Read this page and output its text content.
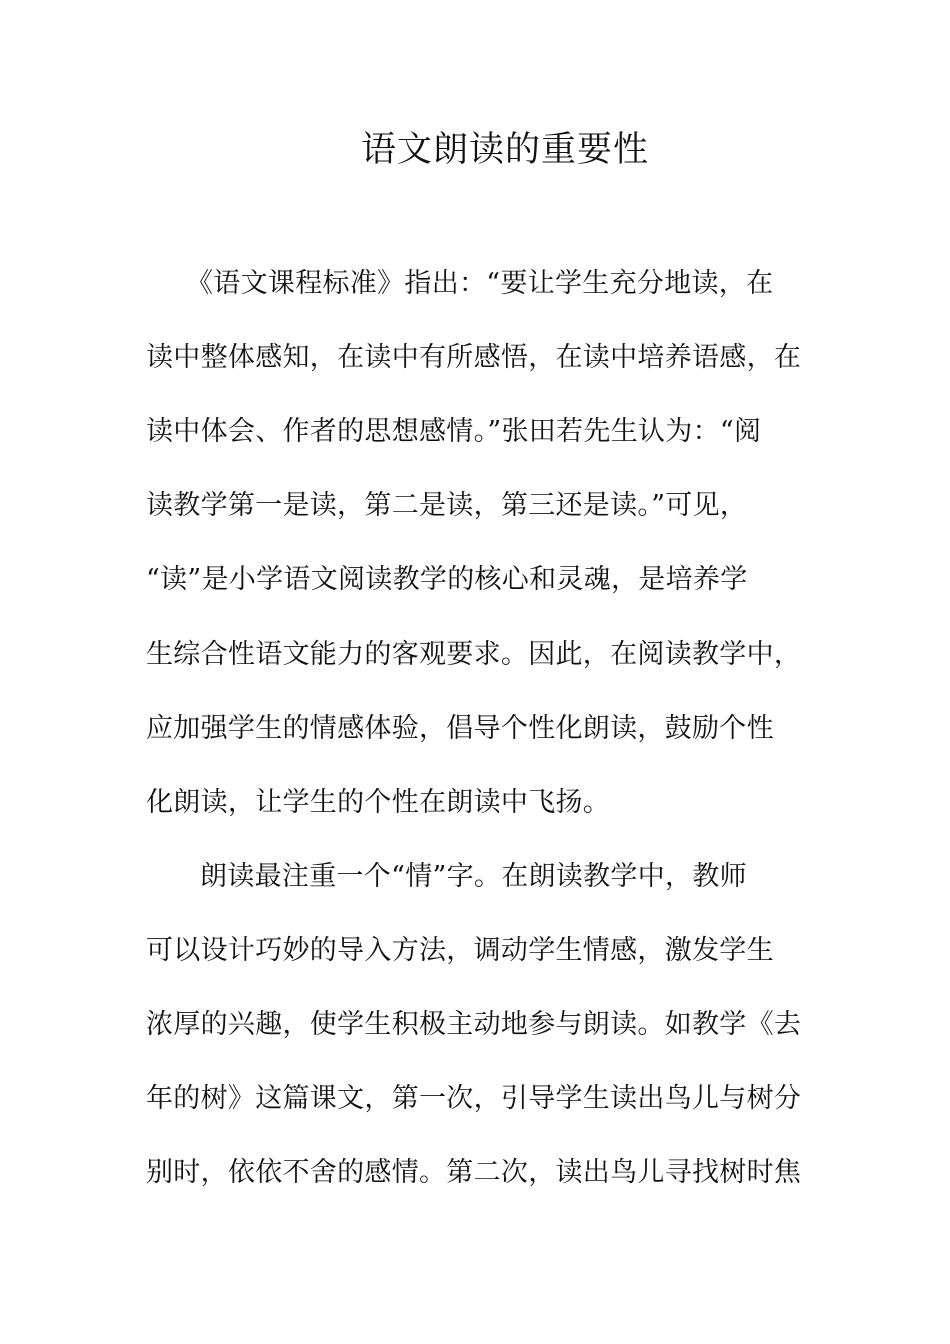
语文朗读的重要性
《语文课程标准》指出：“要让学生充分地读，在
读中整体感知，在读中有所感悟，在读中培养语感，在
读中体会、作者的思想感情。”张田若先生认为：“阅
读教学第一是读，第二是读，第三还是读。”可见，
“读”是小学语文阅读教学的核心和灵魂，是培养学
生综合性语文能力的客观要求。因此，在阅读教学中，
应加强学生的情感体验，倡导个性化朗读，鼓励个性
化朗读，让学生的个性在朗读中飞扬。
朗读最注重一个“情”字。在朗读教学中，教师
可以设计巧妙的导入方法，调动学生情感，激发学生
浓厚的兴趣，使学生积极主动地参与朗读。如教学《去
年的树》这篇课文，第一次，引导学生读出鸟儿与树分
别时，依依不舍的感情。第二次，读出鸟儿寻找树时焦
